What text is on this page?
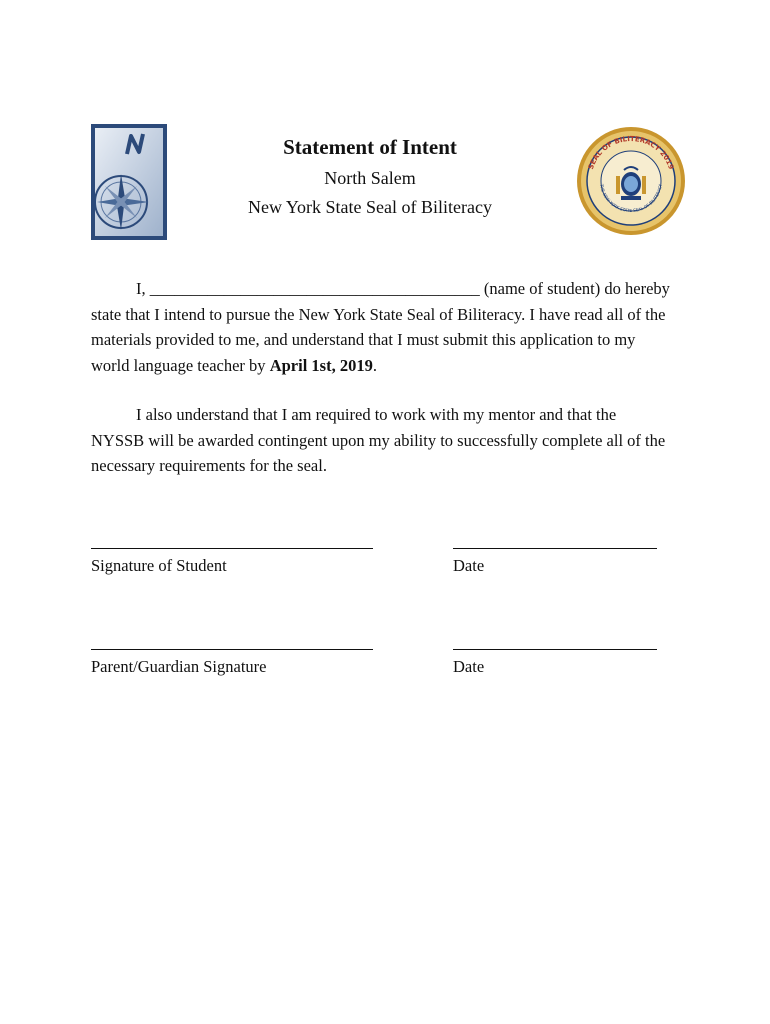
Statement of Intent

North Salem

New York State Seal of Biliteracy

SEAL OF BILITERACY 2019
THE NEW YORK STATE SEAL OF BILITERACY

I, ________________________________________ (name of student) do hereby state that I intend to pursue the New York State Seal of Biliteracy. I have read all of the materials provided to me, and understand that I must submit this application to my world language teacher by April 1st, 2019.

I also understand that I am required to work with my mentor and that the NYSSB will be awarded contingent upon my ability to successfully complete all of the necessary requirements for the seal.

Signature of Student	Date

Parent/Guardian Signature	Date
